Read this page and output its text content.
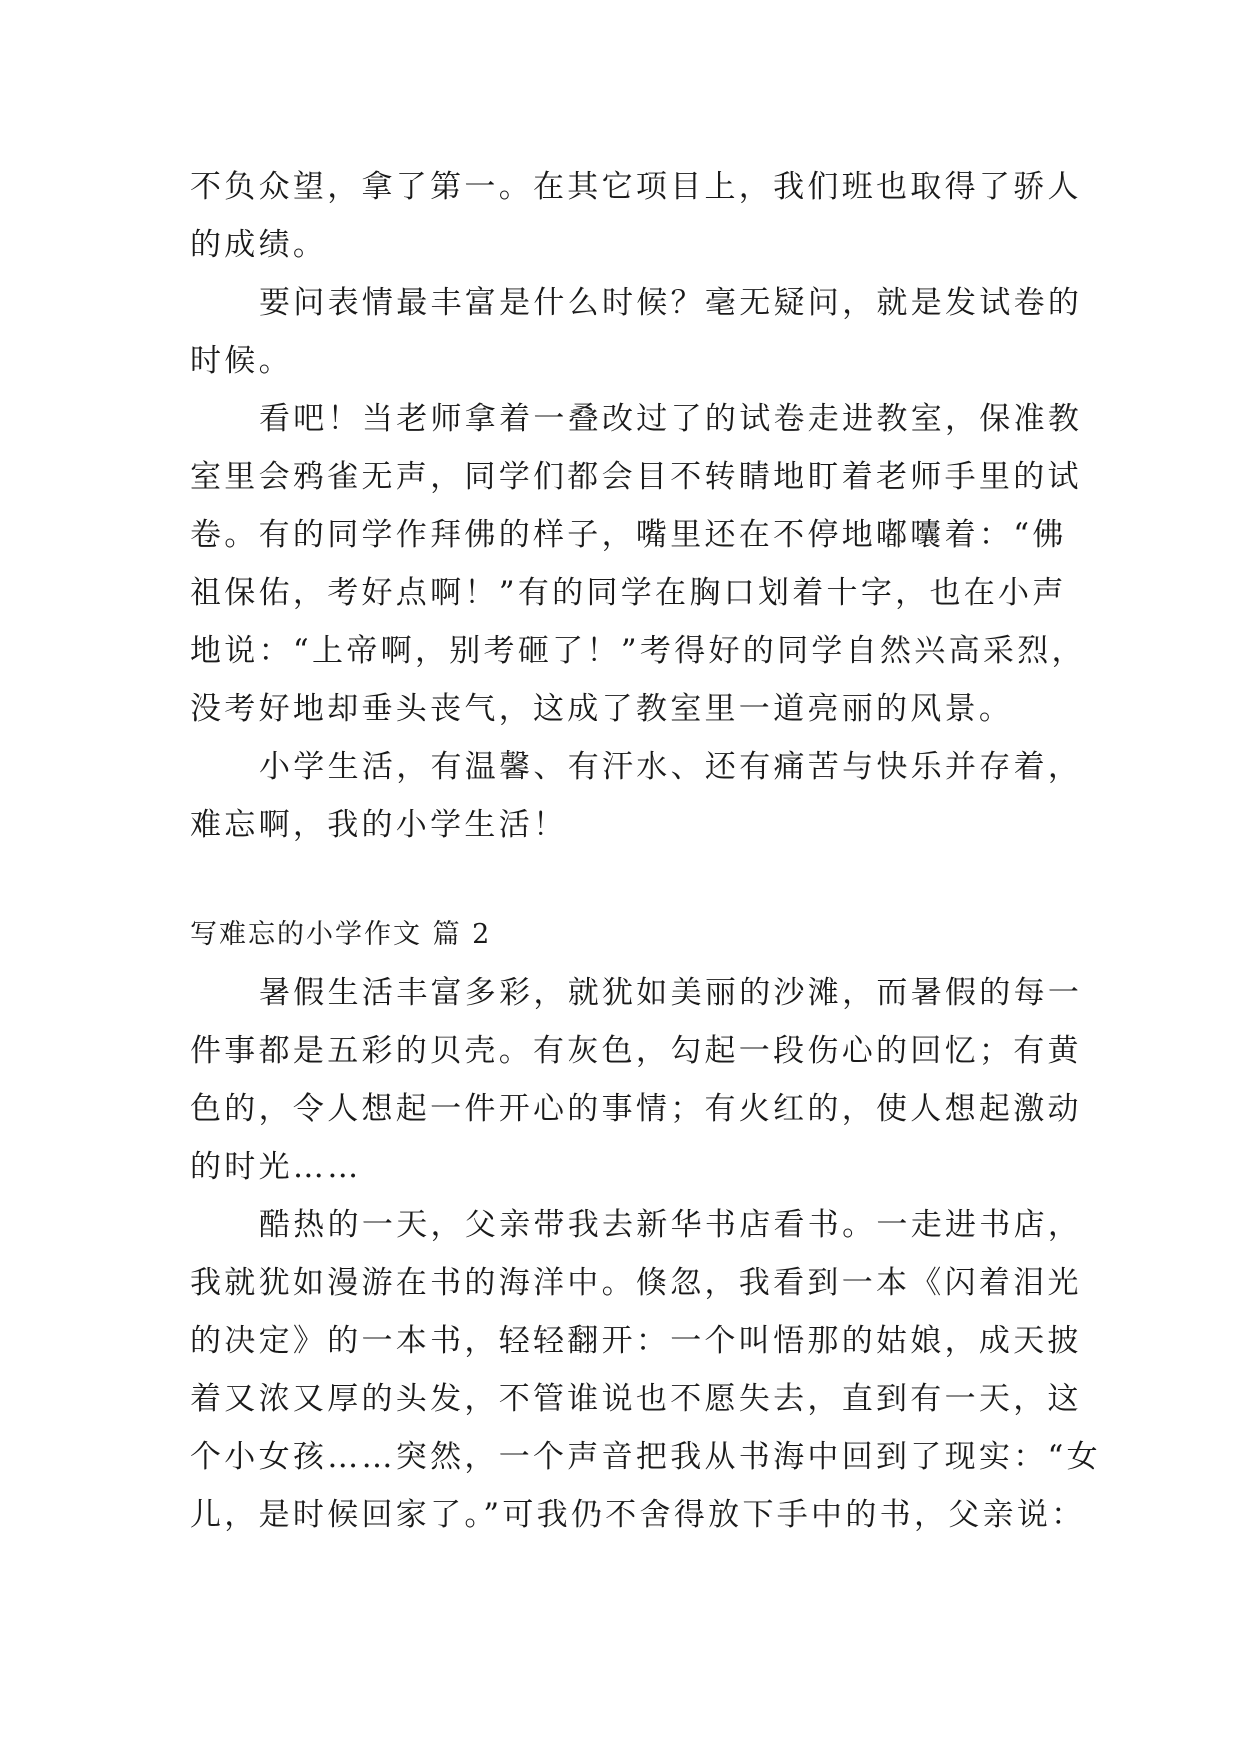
不负众望，拿了第一。在其它项目上，我们班也取得了骄人
的成绩。
要问表情最丰富是什么时候？毫无疑问，就是发试卷的
时候。
看吧！当老师拿着一叠改过了的试卷走进教室，保准教
室里会鸦雀无声，同学们都会目不转睛地盯着老师手里的试
卷。有的同学作拜佛的样子，嘴里还在不停地嘟囔着：“佛
祖保佑，考好点啊！”有的同学在胸口划着十字，也在小声
地说：“上帝啊，别考砸了！”考得好的同学自然兴高采烈，
没考好地却垂头丧气，这成了教室里一道亮丽的风景。
小学生活，有温馨、有汗水、还有痛苦与快乐并存着，
难忘啊，我的小学生活！
写难忘的小学作文 篇 2
暑假生活丰富多彩，就犹如美丽的沙滩，而暑假的每一
件事都是五彩的贝壳。有灰色，勾起一段伤心的回忆；有黄
色的，令人想起一件开心的事情；有火红的，使人想起激动
的时光……
酷热的一天，父亲带我去新华书店看书。一走进书店，
我就犹如漫游在书的海洋中。倏忽，我看到一本《闪着泪光
的决定》的一本书，轻轻翻开：一个叫悟那的姑娘，成天披
着又浓又厚的头发，不管谁说也不愿失去，直到有一天，这
个小女孩……突然，一个声音把我从书海中回到了现实：“女
儿，是时候回家了。”可我仍不舍得放下手中的书，父亲说：
